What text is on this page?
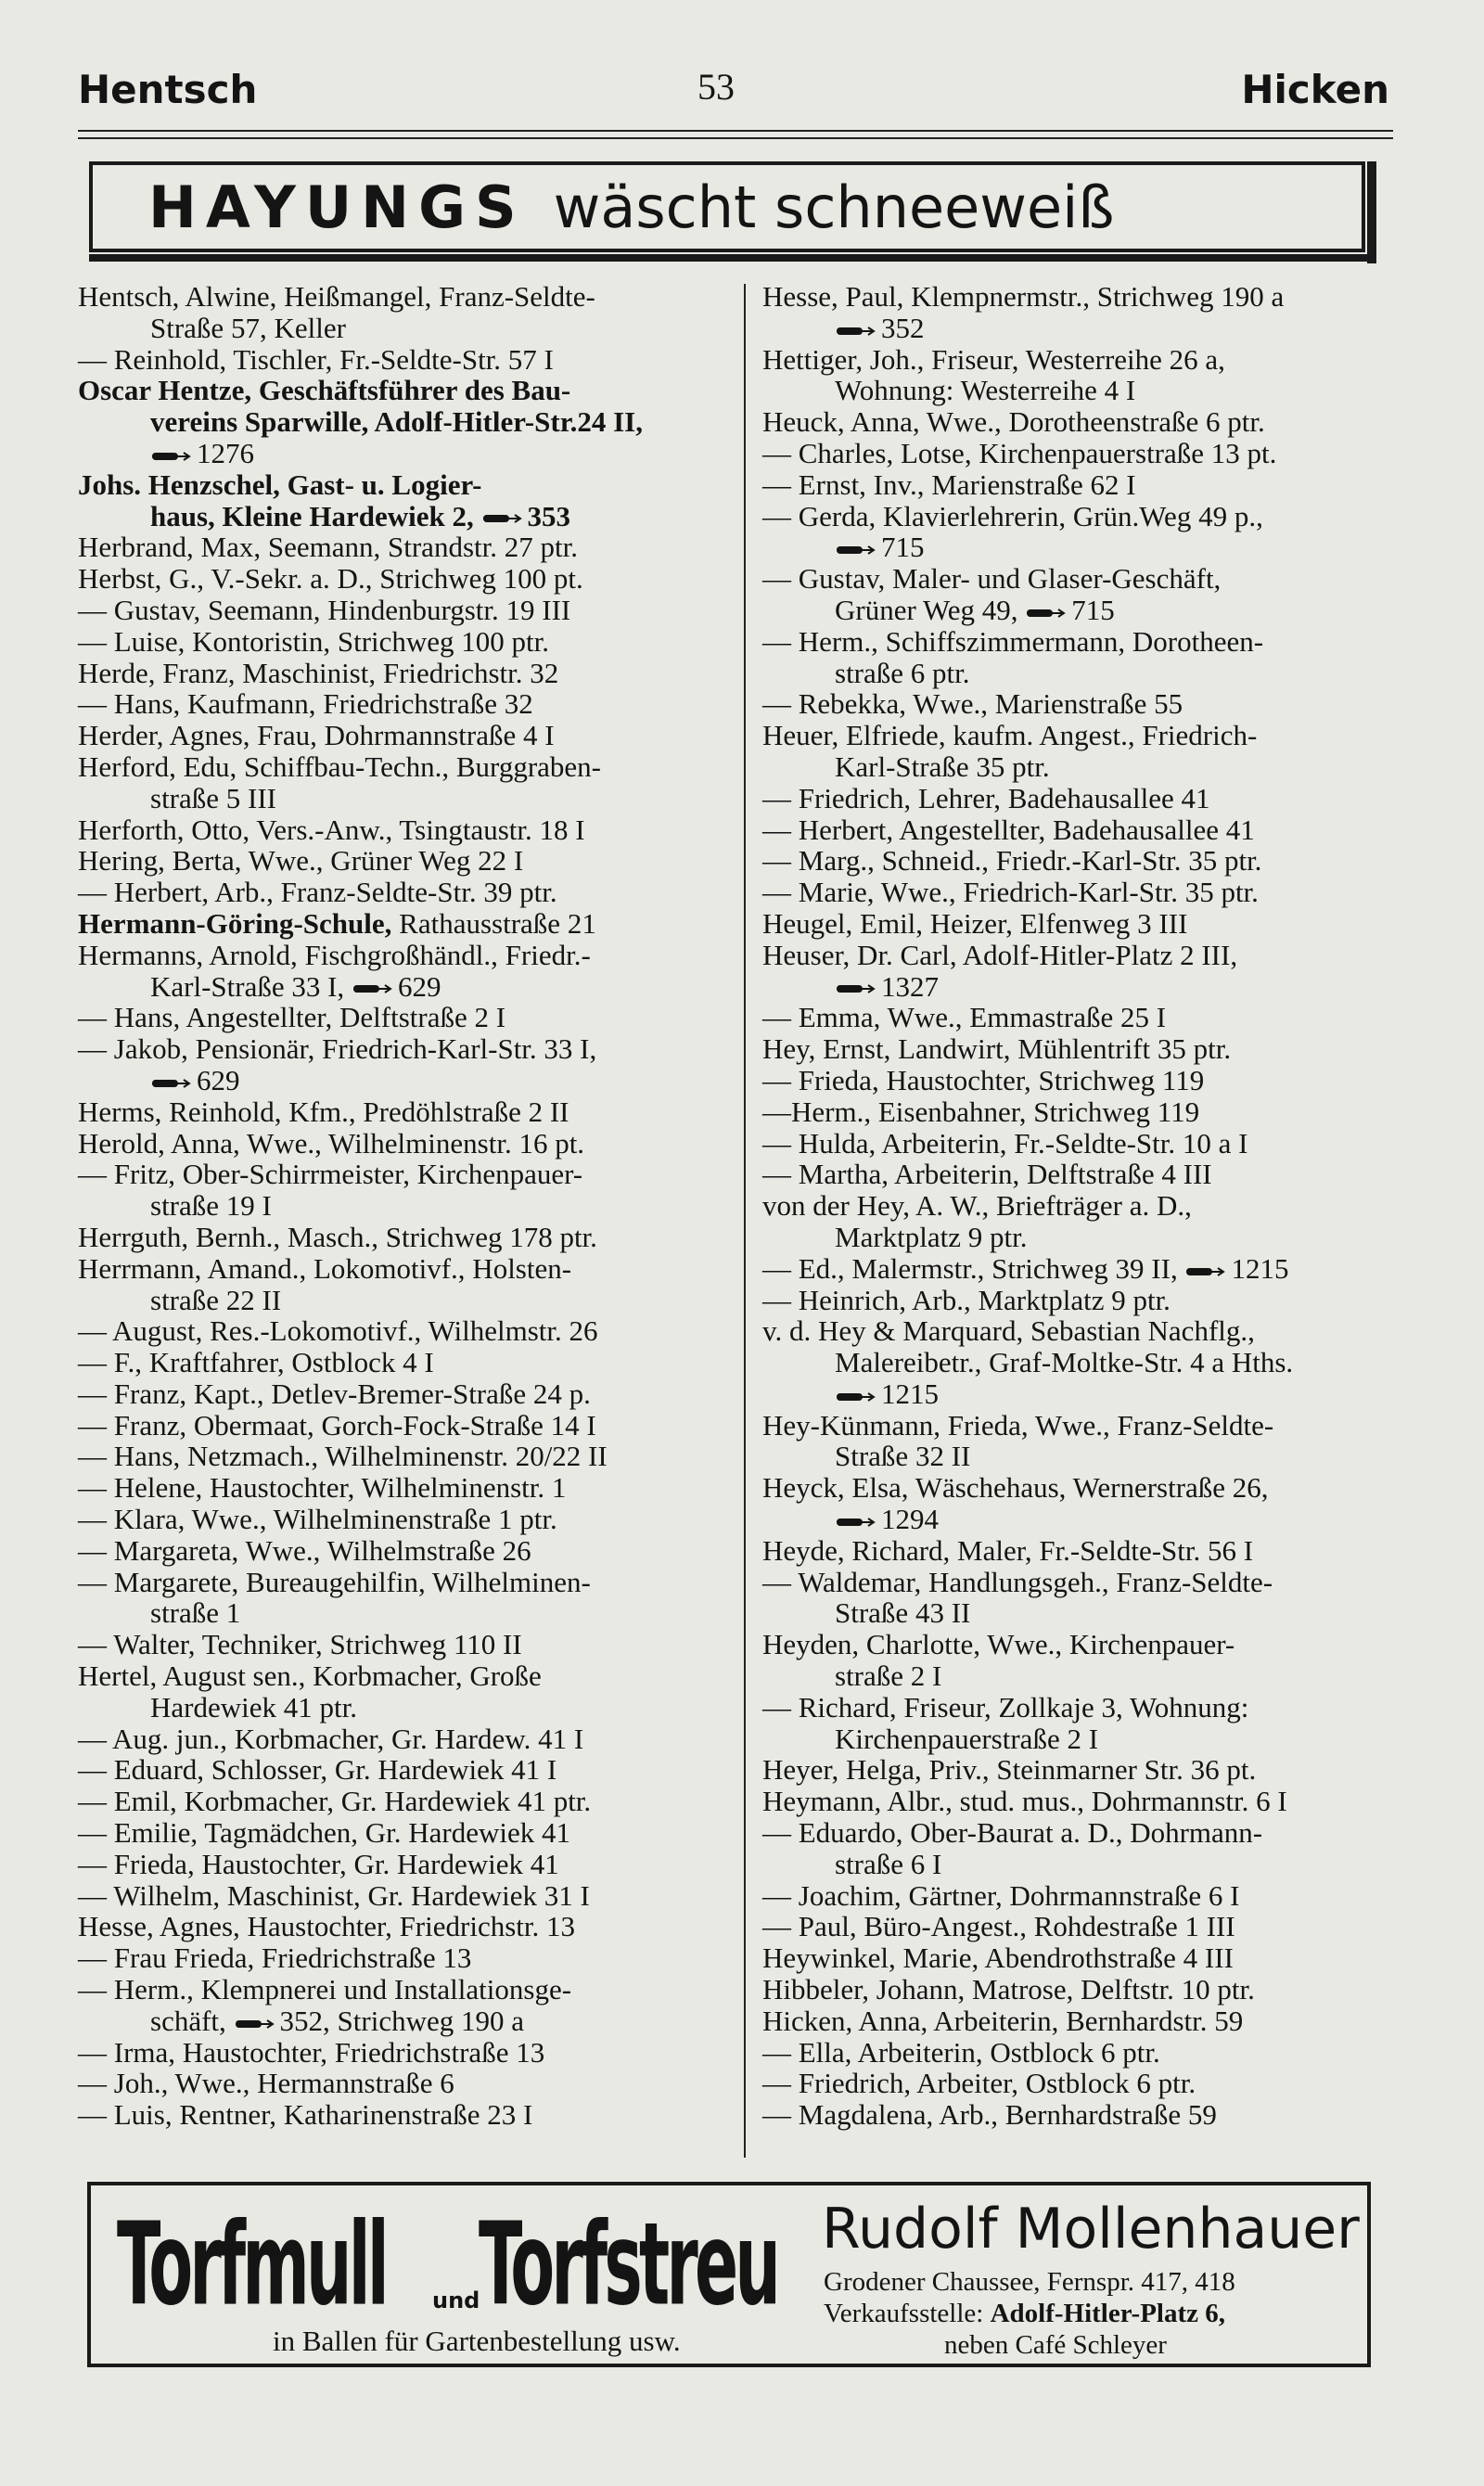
Hentsch	53	Hicken
HAYUNGS wäscht schneeweiß
Hentsch, Alwine, Heißmangel, Franz-Seldte-
Straße 57, Keller
— Reinhold, Tischler, Fr.-Seldte-Str. 57 I
Oscar Hentze, Geschäftsführer des Bau-
vereins Sparwille, Adolf-Hitler-Str.24 II,
1276
Johs. Henzschel, Gast- u. Logier-
haus, Kleine Hardewiek 2, 353
Herbrand, Max, Seemann, Strandstr. 27 ptr.
Herbst, G., V.-Sekr. a. D., Strichweg 100 pt.
— Gustav, Seemann, Hindenburgstr. 19 III
— Luise, Kontoristin, Strichweg 100 ptr.
Herde, Franz, Maschinist, Friedrichstr. 32
— Hans, Kaufmann, Friedrichstraße 32
Herder, Agnes, Frau, Dohrmannstraße 4 I
Herford, Edu, Schiffbau-Techn., Burggraben-
straße 5 III
Herforth, Otto, Vers.-Anw., Tsingtaustr. 18 I
Hering, Berta, Wwe., Grüner Weg 22 I
— Herbert, Arb., Franz-Seldte-Str. 39 ptr.
Hermann-Göring-Schule, Rathausstraße 21
Hermanns, Arnold, Fischgroßhändl., Friedr.-
Karl-Straße 33 I, 629
— Hans, Angestellter, Delftstraße 2 I
— Jakob, Pensionär, Friedrich-Karl-Str. 33 I,
629
Herms, Reinhold, Kfm., Predöhlstraße 2 II
Herold, Anna, Wwe., Wilhelminenstr. 16 pt.
— Fritz, Ober-Schirrmeister, Kirchenpauer-
straße 19 I
Herrguth, Bernh., Masch., Strichweg 178 ptr.
Herrmann, Amand., Lokomotivf., Holsten-
straße 22 II
— August, Res.-Lokomotivf., Wilhelmstr. 26
— F., Kraftfahrer, Ostblock 4 I
— Franz, Kapt., Detlev-Bremer-Straße 24 p.
— Franz, Obermaat, Gorch-Fock-Straße 14 I
— Hans, Netzmach., Wilhelminenstr. 20/22 II
— Helene, Haustochter, Wilhelminenstr. 1
— Klara, Wwe., Wilhelminenstraße 1 ptr.
— Margareta, Wwe., Wilhelmstraße 26
— Margarete, Bureaugehilfin, Wilhelminen-
straße 1
— Walter, Techniker, Strichweg 110 II
Hertel, August sen., Korbmacher, Große
Hardewiek 41 ptr.
— Aug. jun., Korbmacher, Gr. Hardew. 41 I
— Eduard, Schlosser, Gr. Hardewiek 41 I
— Emil, Korbmacher, Gr. Hardewiek 41 ptr.
— Emilie, Tagmädchen, Gr. Hardewiek 41
— Frieda, Haustochter, Gr. Hardewiek 41
— Wilhelm, Maschinist, Gr. Hardewiek 31 I
Hesse, Agnes, Haustochter, Friedrichstr. 13
— Frau Frieda, Friedrichstraße 13
— Herm., Klempnerei und Installationsge-
schäft, 352, Strichweg 190 a
— Irma, Haustochter, Friedrichstraße 13
— Joh., Wwe., Hermannstraße 6
— Luis, Rentner, Katharinenstraße 23 I
Hesse, Paul, Klempnermstr., Strichweg 190 a
352
Hettiger, Joh., Friseur, Westerreihe 26 a,
Wohnung: Westerreihe 4 I
Heuck, Anna, Wwe., Dorotheenstraße 6 ptr.
— Charles, Lotse, Kirchenpauerstraße 13 pt.
— Ernst, Inv., Marienstraße 62 I
— Gerda, Klavierlehrerin, Grün.Weg 49 p.,
715
— Gustav, Maler- und Glaser-Geschäft,
Grüner Weg 49, 715
— Herm., Schiffszimmermann, Dorotheen-
straße 6 ptr.
— Rebekka, Wwe., Marienstraße 55
Heuer, Elfriede, kaufm. Angest., Friedrich-
Karl-Straße 35 ptr.
— Friedrich, Lehrer, Badehausallee 41
— Herbert, Angestellter, Badehausallee 41
— Marg., Schneid., Friedr.-Karl-Str. 35 ptr.
— Marie, Wwe., Friedrich-Karl-Str. 35 ptr.
Heugel, Emil, Heizer, Elfenweg 3 III
Heuser, Dr. Carl, Adolf-Hitler-Platz 2 III,
1327
— Emma, Wwe., Emmastraße 25 I
Hey, Ernst, Landwirt, Mühlentrift 35 ptr.
— Frieda, Haustochter, Strichweg 119
—Herm., Eisenbahner, Strichweg 119
— Hulda, Arbeiterin, Fr.-Seldte-Str. 10 a I
— Martha, Arbeiterin, Delftstraße 4 III
von der Hey, A. W., Briefträger a. D.,
Marktplatz 9 ptr.
— Ed., Malermstr., Strichweg 39 II, 1215
— Heinrich, Arb., Marktplatz 9 ptr.
v. d. Hey & Marquard, Sebastian Nachflg.,
Malereibetr., Graf-Moltke-Str. 4 a Hths.
1215
Hey-Künmann, Frieda, Wwe., Franz-Seldte-
Straße 32 II
Heyck, Elsa, Wäschehaus, Wernerstraße 26,
1294
Heyde, Richard, Maler, Fr.-Seldte-Str. 56 I
— Waldemar, Handlungsgeh., Franz-Seldte-
Straße 43 II
Heyden, Charlotte, Wwe., Kirchenpauer-
straße 2 I
— Richard, Friseur, Zollkaje 3, Wohnung:
Kirchenpauerstraße 2 I
Heyer, Helga, Priv., Steinmarner Str. 36 pt.
Heymann, Albr., stud. mus., Dohrmannstr. 6 I
— Eduardo, Ober-Baurat a. D., Dohrmann-
straße 6 I
— Joachim, Gärtner, Dohrmannstraße 6 I
— Paul, Büro-Angest., Rohdestraße 1 III
Heywinkel, Marie, Abendrothstraße 4 III
Hibbeler, Johann, Matrose, Delftstr. 10 ptr.
Hicken, Anna, Arbeiterin, Bernhardstr. 59
— Ella, Arbeiterin, Ostblock 6 ptr.
— Friedrich, Arbeiter, Ostblock 6 ptr.
— Magdalena, Arb., Bernhardstraße 59
Torfmull und
Torfstreu
in Ballen für Gartenbestellung usw.
Rudolf Mollenhauer
Grodener Chaussee, Fernspr. 417, 418
Verkaufsstelle: Adolf-Hitler-Platz 6,
neben Café Schleyer
